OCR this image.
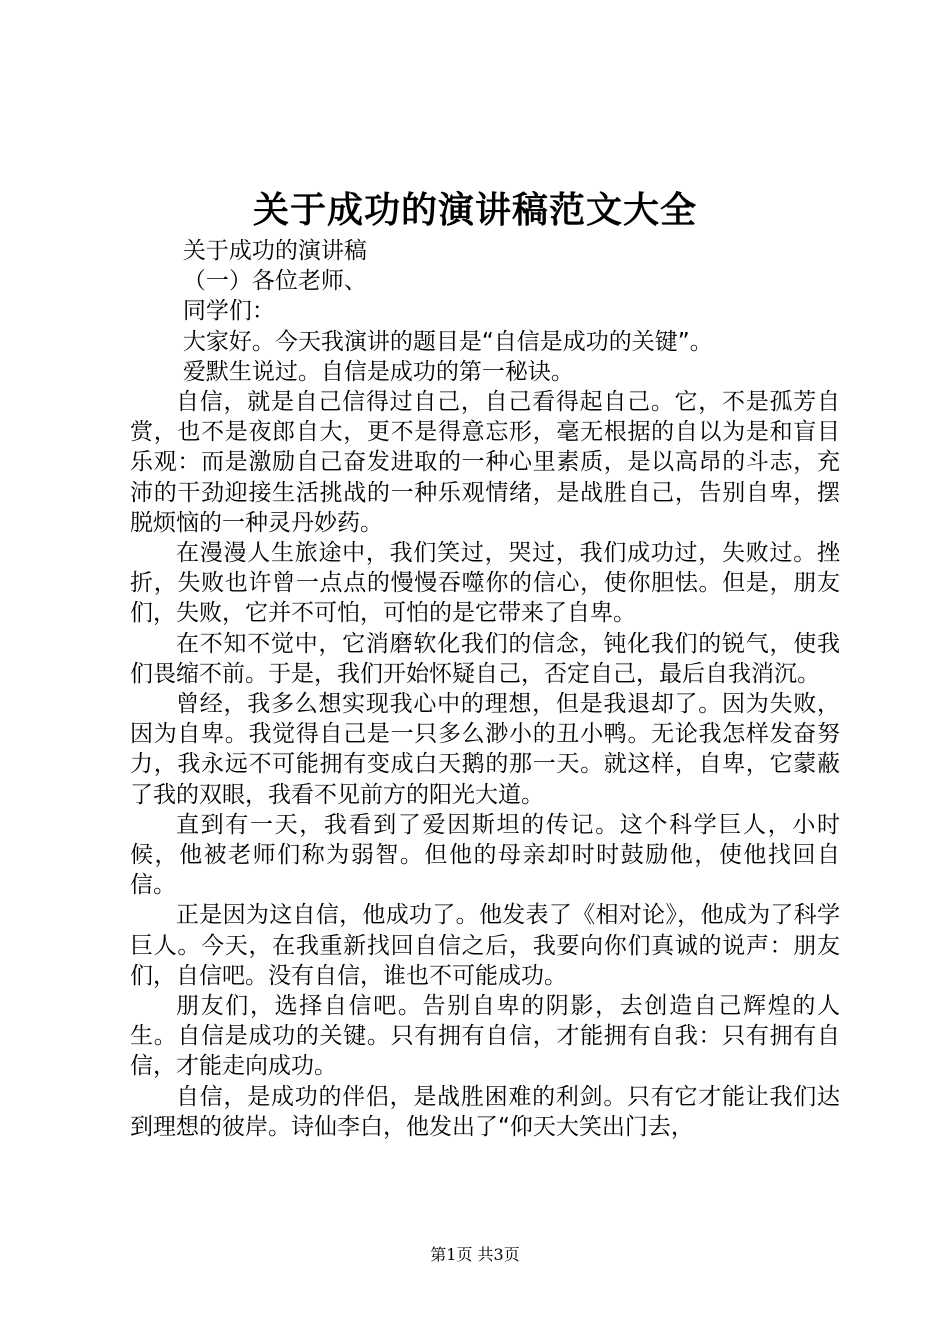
关于成功的演讲稿范文大全

关于成功的演讲稿

（一）各位老师、

同学们：

大家好。今天我演讲的题目是“自信是成功的关键”。

爱默生说过。自信是成功的第一秘诀。

自信，就是自己信得过自己，自己看得起自己。它，不是孤芳自赏，也不是夜郎自大，更不是得意忘形，毫无根据的自以为是和盲目乐观：而是激励自己奋发进取的一种心里素质，是以高昂的斗志，充沛的干劲迎接生活挑战的一种乐观情绪，是战胜自己，告别自卑，摆脱烦恼的一种灵丹妙药。

在漫漫人生旅途中，我们笑过，哭过，我们成功过，失败过。挫折，失败也许曾一点点的慢慢吞噬你的信心，使你胆怯。但是，朋友们，失败，它并不可怕，可怕的是它带来了自卑。

在不知不觉中，它消磨软化我们的信念，钝化我们的锐气，使我们畏缩不前。于是，我们开始怀疑自己，否定自己，最后自我消沉。

曾经，我多么想实现我心中的理想，但是我退却了。因为失败，因为自卑。我觉得自己是一只多么渺小的丑小鸭。无论我怎样发奋努力，我永远不可能拥有变成白天鹅的那一天。就这样，自卑，它蒙蔽了我的双眼，我看不见前方的阳光大道。

直到有一天，我看到了爱因斯坦的传记。这个科学巨人，小时候，他被老师们称为弱智。但他的母亲却时时鼓励他，使他找回自信。

正是因为这自信，他成功了。他发表了《相对论》，他成为了科学巨人。今天，在我重新找回自信之后，我要向你们真诚的说声：朋友们，自信吧。没有自信，谁也不可能成功。

朋友们，选择自信吧。告别自卑的阴影，去创造自己辉煌的人生。自信是成功的关键。只有拥有自信，才能拥有自我：只有拥有自信，才能走向成功。

自信，是成功的伴侣，是战胜困难的利剑。只有它才能让我们达到理想的彼岸。诗仙李白，他发出了“仰天大笑出门去，

第1页 共3页
